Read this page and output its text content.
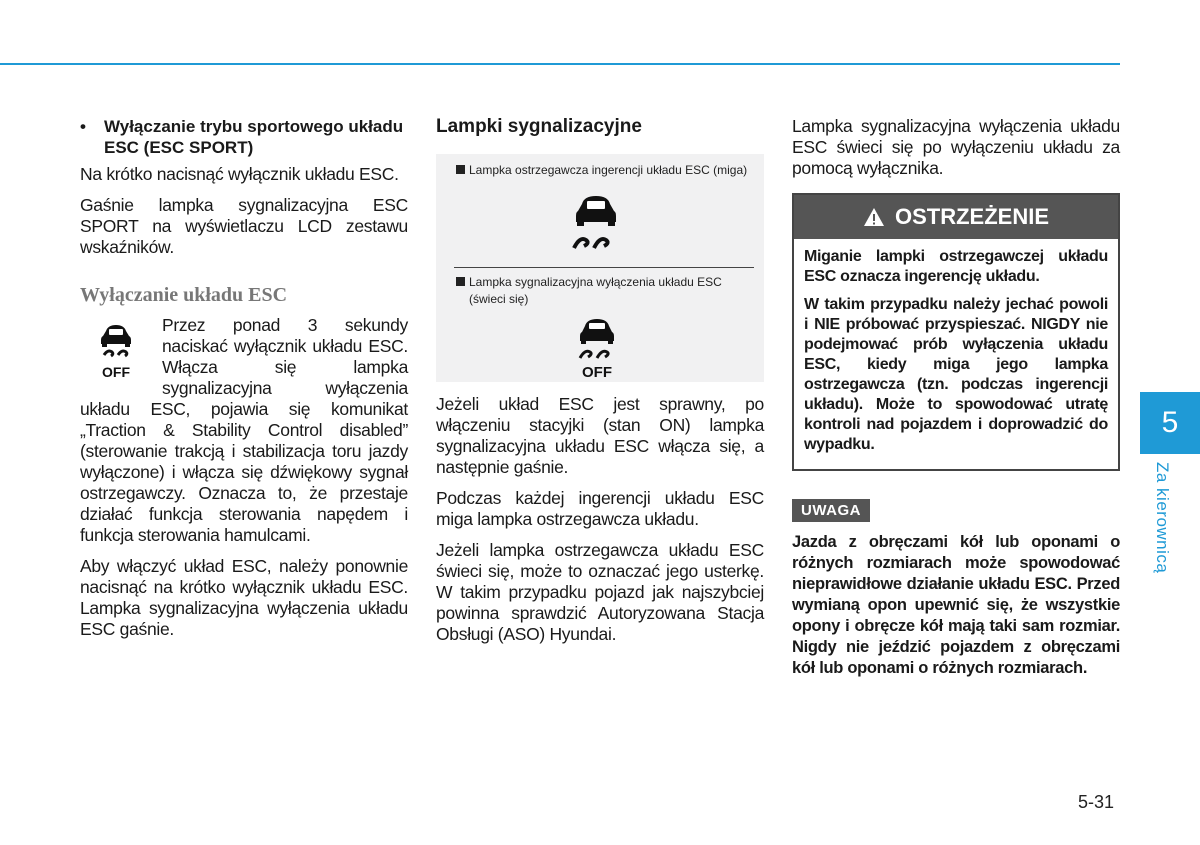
•	Wyłączanie trybu sportowego układu ESC (ESC SPORT)

Na krótko nacisnąć wyłącznik układu ESC.

Gaśnie lampka sygnalizacyjna ESC SPORT na wyświetlaczu LCD zestawu wskaźników.

Wyłączanie układu ESC
OFF

Przez ponad 3 sekundy naciskać wyłącznik układu ESC. Włącza się lampka sygnalizacyjna wyłączenia układu ESC, pojawia się komunikat „Traction & Stability Control disabled” (sterowanie trakcją i stabilizacja toru jazdy wyłączone) i włącza się dźwiękowy sygnał ostrzegawczy. Oznacza to, że przestaje działać funkcja sterowania napędem i funkcja sterowania hamulcami.

Aby włączyć układ ESC, należy ponownie nacisnąć na krótko wyłącznik układu ESC. Lampka sygnalizacyjna wyłączenia układu ESC gaśnie.

Lampki sygnalizacyjne
Lampka ostrzegawcza ingerencji układu ESC (miga)
Lampka sygnalizacyjna wyłączenia układu ESC
(świeci się)
OFF

Jeżeli układ ESC jest sprawny, po włączeniu stacyjki (stan ON) lampka sygnalizacyjna układu ESC włącza się, a następnie gaśnie.

Podczas każdej ingerencji układu ESC miga lampka ostrzegawcza układu.

Jeżeli lampka ostrzegawcza układu ESC świeci się, może to oznaczać jego usterkę. W takim przypadku pojazd jak najszybciej powinna sprawdzić Autoryzowana Stacja Obsługi (ASO) Hyundai.

Lampka sygnalizacyjna wyłączenia układu ESC świeci się po wyłączeniu układu za pomocą wyłącznika.

OSTRZEŻENIE

Miganie lampki ostrzegawczej układu ESC oznacza ingerencję układu.

W takim przypadku należy jechać powoli i NIE próbować przyspieszać. NIGDY nie podejmować prób wyłączenia układu ESC, kiedy miga jego lampka ostrzegawcza (tzn. podczas ingerencji układu). Może to spowodować utratę kontroli nad pojazdem i doprowadzić do wypadku.

UWAGA

Jazda z obręczami kół lub oponami o różnych rozmiarach może spowodować nieprawidłowe działanie układu ESC. Przed wymianą opon upewnić się, że wszystkie opony i obręcze kół mają taki sam rozmiar. Nigdy nie jeździć pojazdem z obręczami kół lub oponami o różnych rozmiarach.

5
Za kierownicą
5-31
